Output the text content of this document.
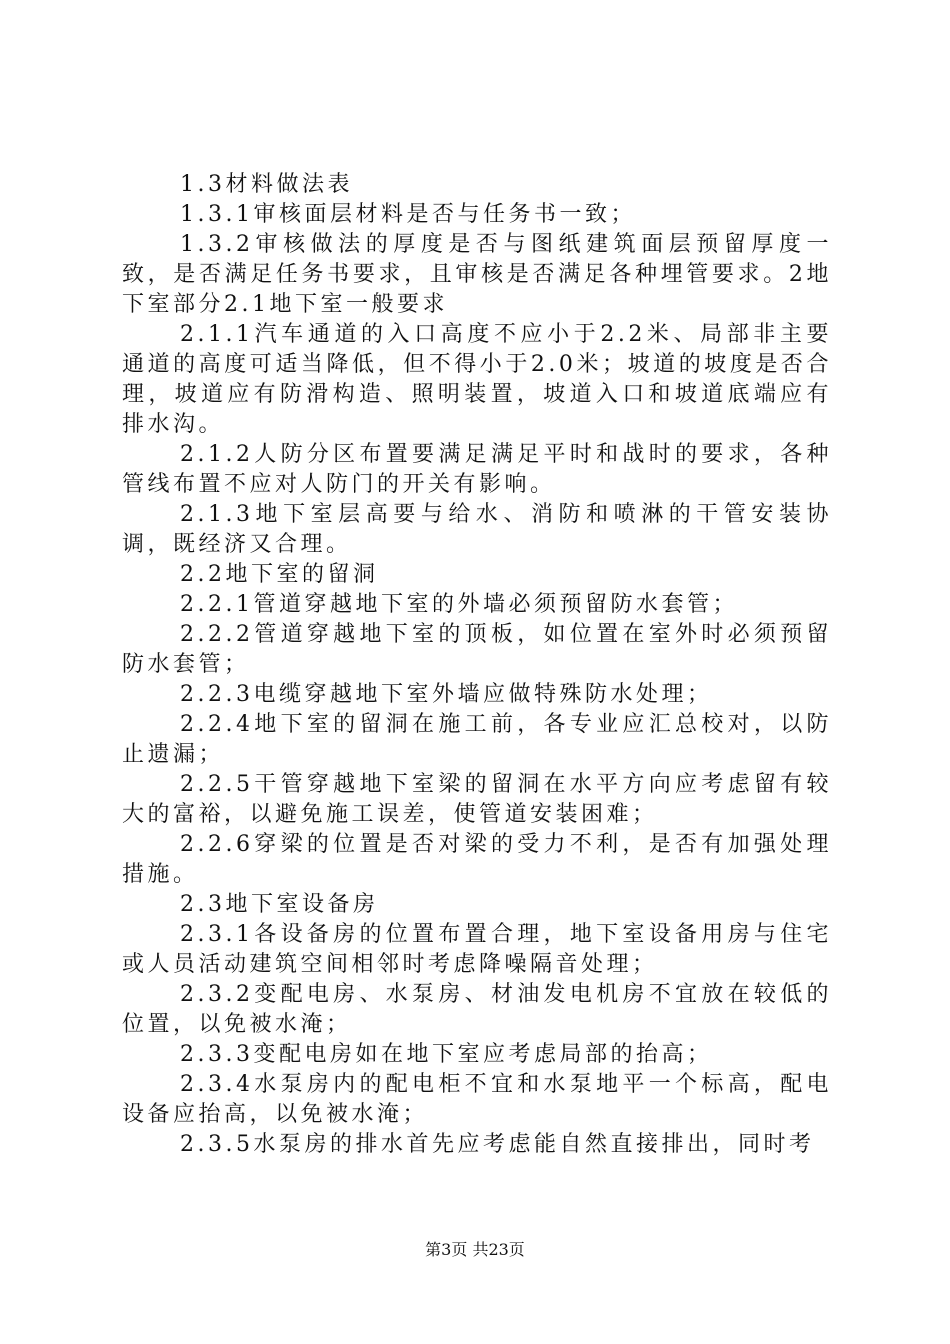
1.3材料做法表

1.3.1审核面层材料是否与任务书一致；

1.3.2审核做法的厚度是否与图纸建筑面层预留厚度一致，是否满足任务书要求，且审核是否满足各种埋管要求。2地下室部分2.1地下室一般要求

2.1.1汽车通道的入口高度不应小于2.2米、局部非主要通道的高度可适当降低，但不得小于2.0米；坡道的坡度是否合理，坡道应有防滑构造、照明装置，坡道入口和坡道底端应有排水沟。

2.1.2人防分区布置要满足满足平时和战时的要求，各种管线布置不应对人防门的开关有影响。

2.1.3地下室层高要与给水、消防和喷淋的干管安装协调，既经济又合理。

2.2地下室的留洞

2.2.1管道穿越地下室的外墙必须预留防水套管；

2.2.2管道穿越地下室的顶板，如位置在室外时必须预留防水套管；

2.2.3电缆穿越地下室外墙应做特殊防水处理；

2.2.4地下室的留洞在施工前，各专业应汇总校对，以防止遗漏；

2.2.5干管穿越地下室梁的留洞在水平方向应考虑留有较大的富裕，以避免施工误差，使管道安装困难；

2.2.6穿梁的位置是否对梁的受力不利，是否有加强处理措施。

2.3地下室设备房

2.3.1各设备房的位置布置合理，地下室设备用房与住宅或人员活动建筑空间相邻时考虑降噪隔音处理；

2.3.2变配电房、水泵房、材油发电机房不宜放在较低的位置，以免被水淹；

2.3.3变配电房如在地下室应考虑局部的抬高；

2.3.4水泵房内的配电柜不宜和水泵地平一个标高，配电设备应抬高，以免被水淹；

2.3.5水泵房的排水首先应考虑能自然直接排出，同时考

第3页 共23页
